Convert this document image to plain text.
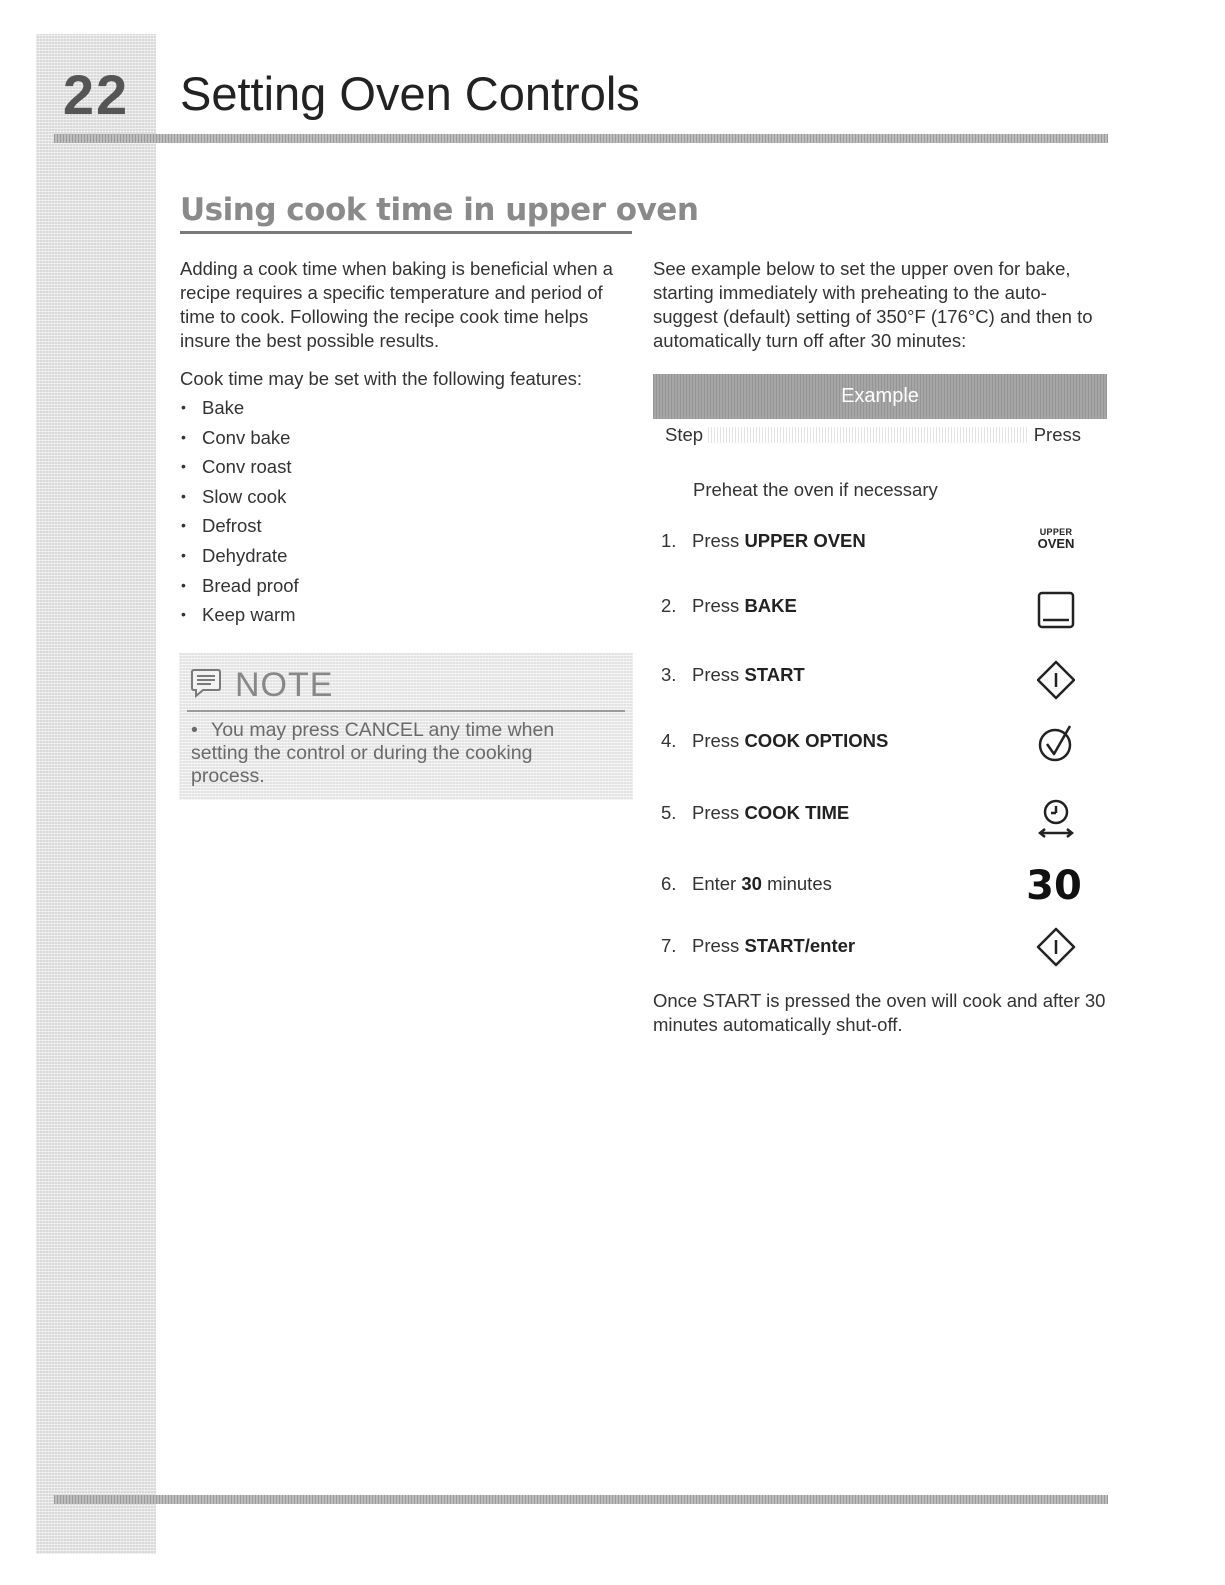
22	Setting Oven Controls
Using cook time in upper oven

Adding a cook time when baking is beneficial when a recipe requires a specific temperature and period of time to cook. Following the recipe cook time helps insure the best possible results.

Cook time may be set with the following features:

• Bake
• Conv bake
• Conv roast
• Slow cook
• Defrost
• Dehydrate
• Bread proof
• Keep warm
NOTE
• You may press CANCEL any time when setting the control or during the cooking process.

See example below to set the upper oven for bake, starting immediately with preheating to the auto-suggest (default) setting of 350°F (176°C) and then to automatically turn off after 30 minutes:

Example
Step	Press
Preheat the oven if necessary
1. Press UPPER OVEN	UPPER
OVEN
2. Press BAKE
3. Press START
4. Press COOK OPTIONS
5. Press COOK TIME
6. Enter 30 minutes	30
7. Press START/enter

Once START is pressed the oven will cook and after 30 minutes automatically shut-off.
